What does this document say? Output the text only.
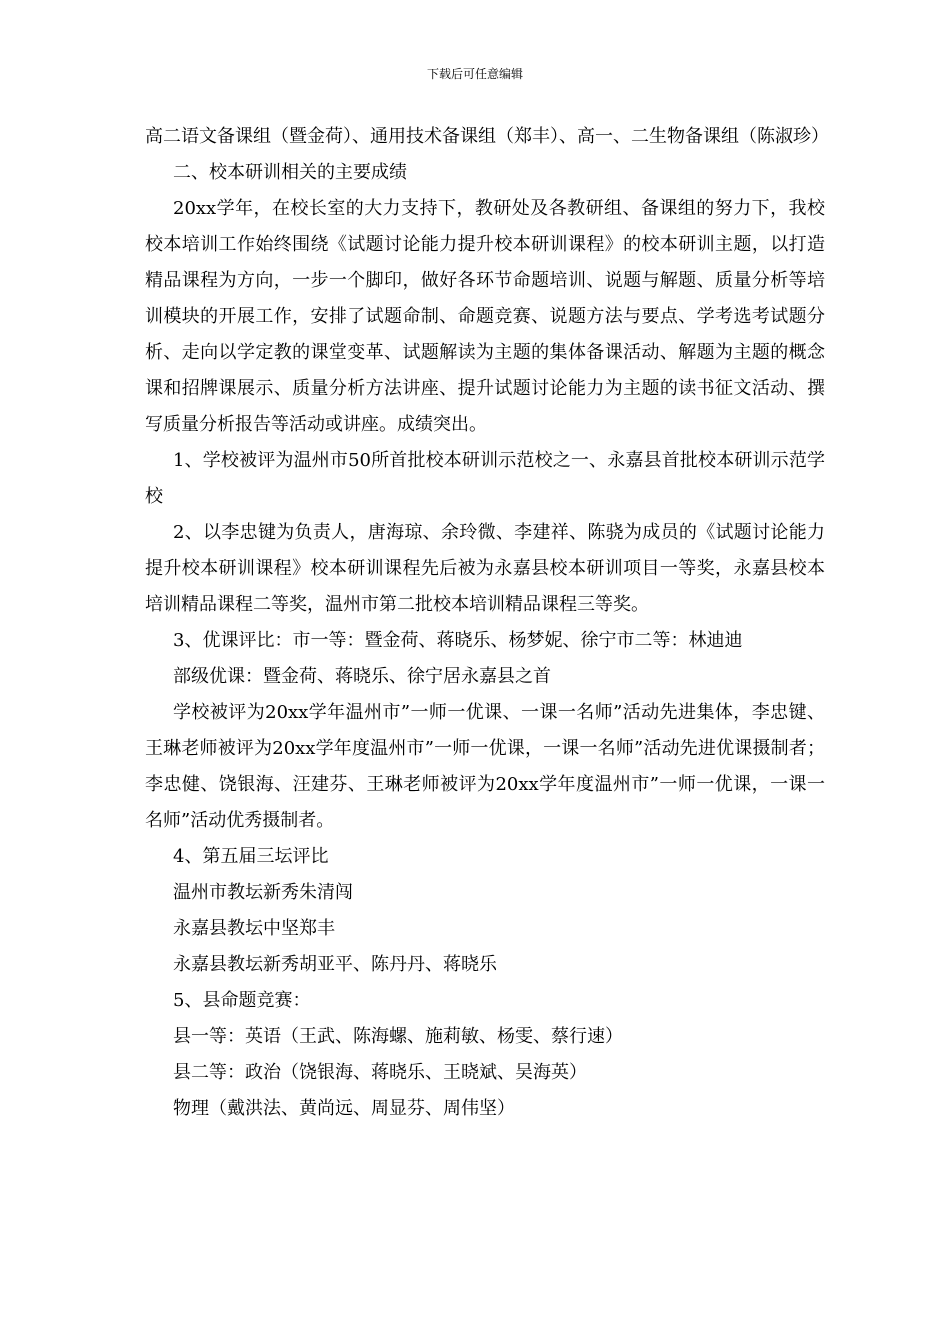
下载后可任意编辑

高二语文备课组（暨金荷）、通用技术备课组（郑丰）、高一、二生物备课组（陈淑珍）

二、校本研训相关的主要成绩

20xx学年，在校长室的大力支持下，教研处及各教研组、备课组的努力下，我校校本培训工作始终围绕《试题讨论能力提升校本研训课程》的校本研训主题，以打造精品课程为方向，一步一个脚印，做好各环节命题培训、说题与解题、质量分析等培训模块的开展工作，安排了试题命制、命题竞赛、说题方法与要点、学考选考试题分析、走向以学定教的课堂变革、试题解读为主题的集体备课活动、解题为主题的概念课和招牌课展示、质量分析方法讲座、提升试题讨论能力为主题的读书征文活动、撰写质量分析报告等活动或讲座。成绩突出。

1、学校被评为温州市50所首批校本研训示范校之一、永嘉县首批校本研训示范学校

2、以李忠键为负责人，唐海琼、余玲微、李建祥、陈骁为成员的《试题讨论能力提升校本研训课程》校本研训课程先后被为永嘉县校本研训项目一等奖，永嘉县校本培训精品课程二等奖，温州市第二批校本培训精品课程三等奖。

3、优课评比：市一等：暨金荷、蒋晓乐、杨梦妮、徐宁市二等：林迪迪

部级优课：暨金荷、蒋晓乐、徐宁居永嘉县之首

学校被评为20xx学年温州市”一师一优课、一课一名师”活动先进集体，李忠键、王琳老师被评为20xx学年度温州市”一师一优课，一课一名师”活动先进优课摄制者；李忠健、饶银海、汪建芬、王琳老师被评为20xx学年度温州市”一师一优课，一课一名师”活动优秀摄制者。

4、第五届三坛评比

温州市教坛新秀朱清闯

永嘉县教坛中坚郑丰

永嘉县教坛新秀胡亚平、陈丹丹、蒋晓乐

5、县命题竞赛：

县一等：英语（王武、陈海螺、施莉敏、杨雯、蔡行速）

县二等：政治（饶银海、蒋晓乐、王晓斌、吴海英）

物理（戴洪法、黄尚远、周显芬、周伟坚）
